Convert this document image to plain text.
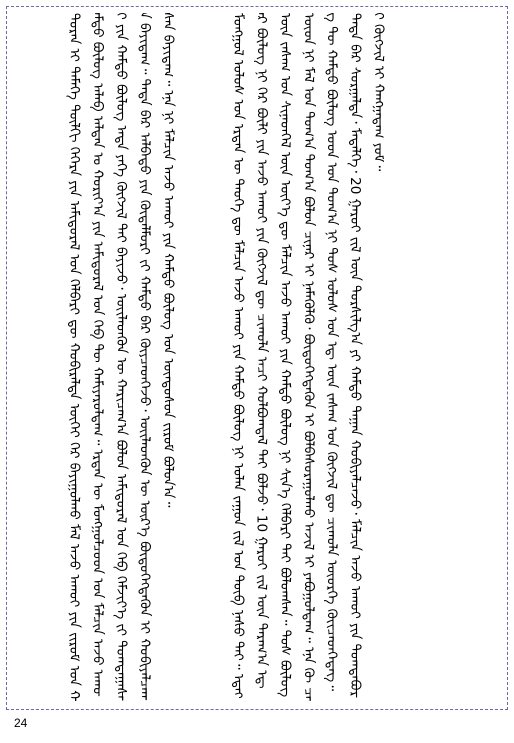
ᠳᠤᠷᠠᠨ ᠢ ᠲᠡᠮᠡᠭᠡ ᠲᠦᠯᠬᠢ ᠬᠡᠭᠡᠷᠡ ᠶᠢᠨ ᠠᠮᠢᠳᠤᠷᠠᠯ ᠤᠨ ᠬᠡᠯᠪᠡᠷᠢ ᠳᠦ ᠬᠤᠪᠢᠷᠠᠯᠲᠠ ᠦᠭᠡᠢ ᠭᠡᠷ ᠪᠠᠶᠢᠭᠤᠯᠬᠤ ᠮᠠᠯ ᠠᠵᠤ ᠠᠬᠤᠢ ᠶᠢᠨ ᠵᠢᠷᠤᠮ ᠤᠨ ᠬᠠᠮᠲᠤ ᠪᠦᠯᠦᠭ ᠠᠯᠠᠪ ᠠᠯᠳᠠᠨ ᠤ ᠬᠤᠷᠢᠶ᠎ᠠ ᠶᠢᠨ ᠠᠮᠢᠳᠤᠷᠠᠯ ᠤᠨ ᠬᠡᠪ ᠲᠦ ᠬᠠᠮᠢᠶᠠᠷᠤᠯᠳᠠᠭ᠃ ᠡᠷᠲᠡᠨ ᠦ ᠮᠣᠩᠭᠣᠯᠴᠤᠳ ᠤᠨ ᠮᠠᠯᠴᠢᠨ ᠠᠵᠤ ᠠᠬᠤᠢ ᠶᠢᠨ ᠬᠠᠮᠲᠤ ᠪᠦᠯᠦᠭ ᠡᠨᠳᠡ ᠶᠡᠬᠡ ᠬᠥᠭᠵᠢᠯ ᠲᠡᠢ ᠪᠠᠶᠢᠵᠤ᠂ ᠦᠢᠯᠡᠳᠬᠦᠨ ᠦ ᠬᠠᠷᠢᠴᠠᠭ᠎ᠠ ᠪᠣᠯᠤᠨ ᠠᠮᠢᠳᠤᠷᠠᠯ ᠤᠨ ᠬᠡᠪ ᠬᠡᠮᠵᠢᠶ᠎ᠡ ᠵᠢ ᠲᠤᠭᠲᠠᠭᠠᠰᠠᠨ ᠪᠠᠶᠢᠳᠠᠭ᠃ ᠲᠡᠳᠡ ᠪᠡᠷ ᠠᠯᠪᠠᠲᠤ ᠶᠢᠨ ᠬᠥᠳᠡᠯᠮᠦᠷᠢ ᠵᠢ ᠬᠠᠮᠲᠤ ᠪᠡᠷ ᠭᠦᠶᠴᠡᠳᠬᠡᠵᠦ᠂ ᠦᠢᠯᠡᠳᠬᠦᠨ ᠦ ᠦᠷ᠎ᠡ ᠪᠦᠲᠦᠭᠡᠭᠳᠡᠬᠦᠨ ᠢ ᠬᠤᠪᠢᠶᠠᠯᠴᠠᠭᠰᠠᠨ ᠪᠠᠶᠢᠳᠠᠭ᠃ ᠡᠨᠡ ᠨᠢ ᠮᠠᠯᠴᠢᠨ ᠠᠵᠤ ᠠᠬᠤᠢ ᠶᠢᠨ ᠬᠠᠮᠲᠤ ᠪᠦᠯᠦᠭ ᠤᠨ ᠦᠨᠳᠦᠰᠦᠨ ᠵᠢᠷᠤᠮ ᠪᠣᠯᠤᠨ᠎ᠠ᠃

	ᠮᠣᠩᠭᠣᠯ ᠤᠯᠤᠰ ᠤᠨ ᠡᠷᠲᠡᠨ ᠦ ᠲᠡᠦᠬᠡ ᠳᠦ ᠮᠠᠯᠴᠢᠨ ᠠᠵᠤ ᠠᠬᠤᠢ ᠶᠢᠨ ᠬᠠᠮᠲᠤ ᠪᠦᠯᠦᠭ ᠨᠢ ᠣᠯᠠᠨ ᠵᠠᠭᠤᠨ ᠵᠢᠯ ᠤᠨ ᠲᠦᠪ ᠨᠠᠰᠤ ᠲᠠᠢ᠃ ᠡᠳᠡᠭᠡᠷ ᠪᠦᠯᠦᠭ ᠨᠢ ᠭᠡᠷ ᠪᠦᠯᠢ ᠶᠢᠨ ᠠᠵᠤ ᠠᠬᠤᠢ ᠶᠢᠨ ᠬᠥᠭᠵᠢᠯ ᠳᠦ ᠴᠢᠬᠤᠯᠠ ᠠᠴᠢ ᠬᠣᠯᠪᠣᠭᠳᠠᠯ ᠲᠠᠢ ᠪᠣᠯᠵᠤ᠂ 10 ᠭᠠᠷᠤᠢ ᠵᠢᠯ ᠦᠨ ᠳᠠᠷᠠᠭ᠎ᠠ ᠡᠳ᠋ ᠦᠨ ᠵᠠᠰᠠᠭ ᠤᠨ ᠰᠢᠨᠡᠳᠬᠡᠯ ᠦᠨ ᠦᠶ᠎ᠡ ᠳᠦ ᠮᠠᠯᠴᠢᠨ ᠠᠵᠤ ᠠᠬᠤᠢ ᠶᠢᠨ ᠬᠠᠮᠲᠤ ᠪᠦᠯᠦᠭ ᠨᠢ ᠰᠢᠨ᠎ᠡ ᠬᠡᠯᠪᠡᠷᠢ ᠲᠠᠢ ᠪᠣᠯᠤᠭᠰᠠᠨ᠃ ᠲᠤᠰ ᠪᠦᠯᠦᠭ ᠦᠳ ᠨᠢ ᠮᠠᠯ ᠤᠨ ᠲᠤᠭ᠎ᠠ ᠲᠣᠭ᠎ᠠ ᠪᠤᠯᠤᠨ ᠴᠢᠨᠠᠷ ᠢ ᠨᠡᠮᠡᠭᠦᠯᠬᠦ᠂ ᠪᠦᠲᠦᠭᠡᠭᠳᠡᠬᠦᠨ ᠢ ᠪᠣᠯᠪᠠᠰᠤᠷᠠᠭᠤᠯᠬᠤ ᠠᠵᠢᠯ ᠢ ᠶᠠᠪᠤᠭᠤᠯᠳᠠᠭ᠃ ᠡᠨᠡ ᠬᠦ ᠴᠠᠭ ᠲᠦ ᠬᠠᠮᠲᠤ ᠪᠦᠯᠦᠭ ᠤᠳ ᠤᠨ ᠲᠣᠭ᠎ᠠ ᠨᠢ ᠲᠤᠰ ᠤᠯᠤᠰ ᠤᠨ ᠡᠳ᠋ ᠦᠨ ᠵᠠᠰᠠᠭ ᠤᠨ ᠬᠥᠭᠵᠢᠯ ᠳᠦ ᠴᠢᠬᠤᠯᠠ ᠦᠦᠷᠭᠡ ᠭᠦᠢᠴᠡᠳᠭᠡᠳᠡᠭ᠃ ᠲᠡᠳᠡ ᠪᠡᠷ ᠰᠤᠷᠭᠠᠯᠲᠠ᠂ ᠮᠡᠳᠡᠯᠭᠡ᠂ 20 ᠭᠠᠷᠤᠢ ᠵᠢᠯ ᠦᠨ ᠲᠤᠷᠰᠢᠯᠭ᠎ᠠ ᠶᠢ ᠬᠠᠮᠲᠤ ᠳᠠᠭᠠᠨ ᠬᠤᠪᠢᠶᠠᠯᠴᠠᠵᠤ᠂ ᠮᠠᠯᠴᠢᠨ ᠠᠵᠤ ᠠᠬᠤᠢ ᠶᠢᠨ ᠲᠣᠭᠲᠠᠪᠤᠷᠢ ᠬᠥᠭᠵᠢᠯ ᠢ ᠬᠠᠩᠭᠠᠳᠠᠭ ᠶᠤᠮ᠃

24
